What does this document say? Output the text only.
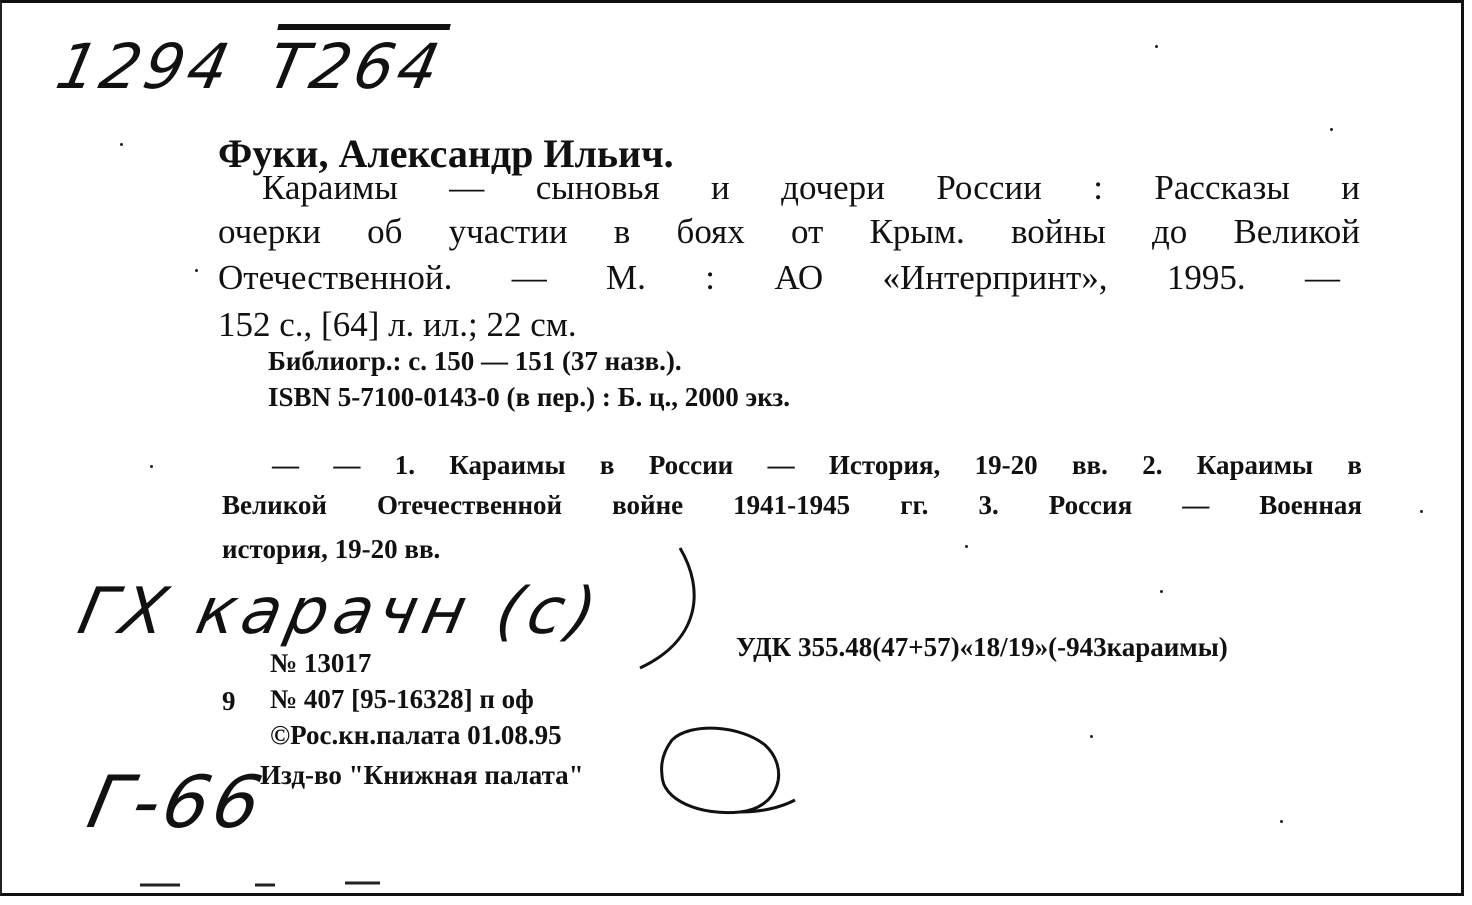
1294 T264
ГХ карачн (с)
Г-66
Фуки, Александр Ильич.
Караимы — сыновья и дочери России : Рассказы и
очерки об участии в боях от Крым. войны до Великой
Отечественной. — М. : АО «Интерпринт», 1995. —
152 с., [64] л. ил.; 22 см.
Библиогр.: с. 150 — 151 (37 назв.).
ISBN 5-7100-0143-0 (в пер.) : Б. ц., 2000 экз.
— — 1. Караимы в России — История, 19-20 вв. 2. Караимы в
Великой Отечественной войне 1941-1945 гг. 3. Россия — Военная
история, 19-20 вв.
№ 13017
УДК 355.48(47+57)«18/19»(-943караимы)
9 № 407 [95-16328] п оф
©Рос.кн.палата 01.08.95
Изд-во "Книжная палата"
